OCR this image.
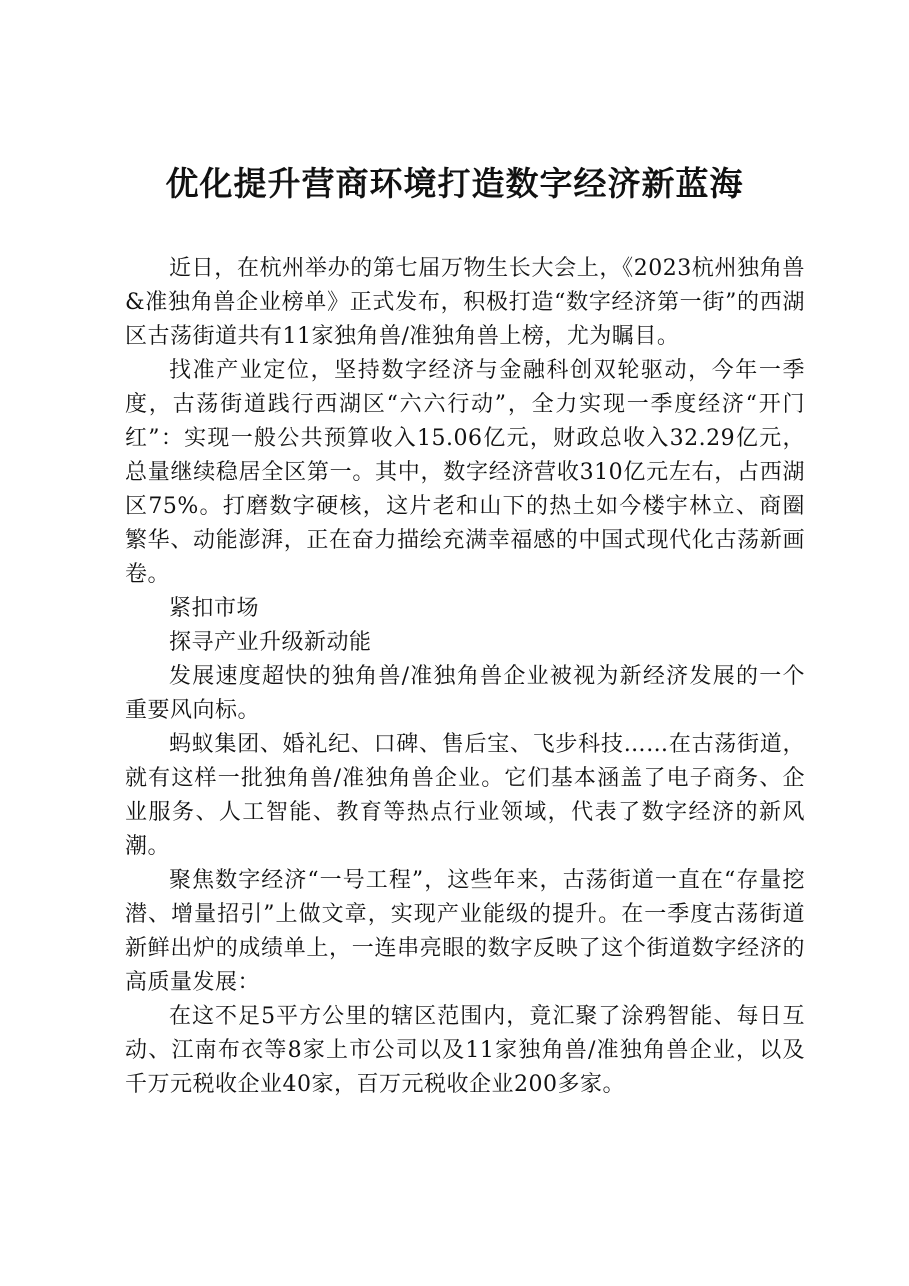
优化提升营商环境打造数字经济新蓝海

近日，在杭州举办的第七届万物生长大会上，《2023杭州独角兽&准独角兽企业榜单》正式发布，积极打造“数字经济第一街”的西湖区古荡街道共有11家独角兽/准独角兽上榜，尤为瞩目。

找准产业定位，坚持数字经济与金融科创双轮驱动，今年一季度，古荡街道践行西湖区“六六行动”，全力实现一季度经济“开门红”：实现一般公共预算收入15.06亿元，财政总收入32.29亿元，总量继续稳居全区第一。其中，数字经济营收310亿元左右，占西湖区75%。打磨数字硬核，这片老和山下的热土如今楼宇林立、商圈繁华、动能澎湃，正在奋力描绘充满幸福感的中国式现代化古荡新画卷。

紧扣市场

探寻产业升级新动能

发展速度超快的独角兽/准独角兽企业被视为新经济发展的一个重要风向标。

蚂蚁集团、婚礼纪、口碑、售后宝、飞步科技……在古荡街道，就有这样一批独角兽/准独角兽企业。它们基本涵盖了电子商务、企业服务、人工智能、教育等热点行业领域，代表了数字经济的新风潮。

聚焦数字经济“一号工程”，这些年来，古荡街道一直在“存量挖潜、增量招引”上做文章，实现产业能级的提升。在一季度古荡街道新鲜出炉的成绩单上，一连串亮眼的数字反映了这个街道数字经济的高质量发展：

在这不足5平方公里的辖区范围内，竟汇聚了涂鸦智能、每日互动、江南布衣等8家上市公司以及11家独角兽/准独角兽企业，以及千万元税收企业40家，百万元税收企业200多家。
